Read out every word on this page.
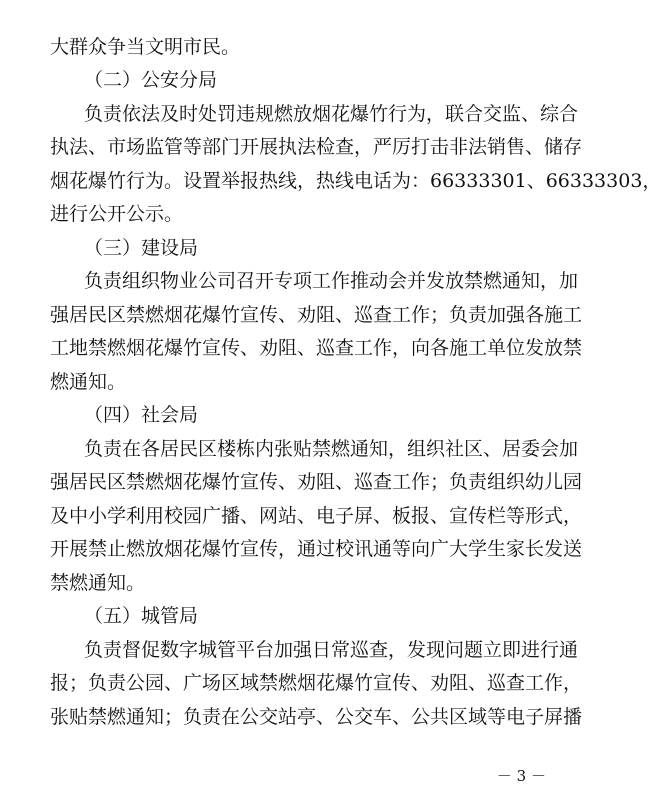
大群众争当文明市民。
（二）公安分局
负责依法及时处罚违规燃放烟花爆竹行为，联合交监、综合
执法、市场监管等部门开展执法检查，严厉打击非法销售、储存
烟花爆竹行为。设置举报热线，热线电话为：66333301、66333303，
进行公开公示。
（三）建设局
负责组织物业公司召开专项工作推动会并发放禁燃通知，加
强居民区禁燃烟花爆竹宣传、劝阻、巡查工作；负责加强各施工
工地禁燃烟花爆竹宣传、劝阻、巡查工作，向各施工单位发放禁
燃通知。
（四）社会局
负责在各居民区楼栋内张贴禁燃通知，组织社区、居委会加
强居民区禁燃烟花爆竹宣传、劝阻、巡查工作；负责组织幼儿园
及中小学利用校园广播、网站、电子屏、板报、宣传栏等形式，
开展禁止燃放烟花爆竹宣传，通过校讯通等向广大学生家长发送
禁燃通知。
（五）城管局
负责督促数字城管平台加强日常巡查，发现问题立即进行通
报；负责公园、广场区域禁燃烟花爆竹宣传、劝阻、巡查工作，
张贴禁燃通知；负责在公交站亭、公交车、公共区域等电子屏播
－ 3 －
